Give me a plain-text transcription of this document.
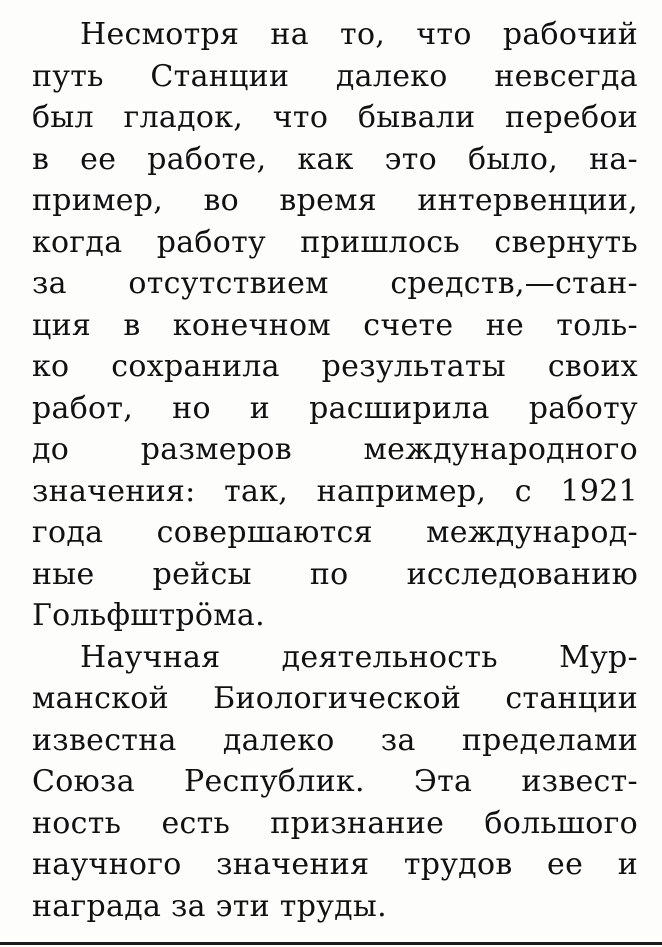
Несмотря на то, что рабочий
путь Станции далеко невсегда
был гладок, что бывали перебои
в ее работе, как это было, на-
пример, во время интервенции,
когда работу пришлось свернуть
за отсутствием средств,—стан-
ция в конечном счете не толь-
ко сохранила результаты своих
работ, но и расширила работу
до размеров международного
значения: так, например, с 1921
года совершаются международ-
ные рейсы по исследованию
Гольфштрöма.
Научная деятельность Мур-
манской Биологической станции
известна далеко за пределами
Союза Республик. Эта извест-
ность есть признание большого
научного значения трудов ее и
награда за эти труды.
